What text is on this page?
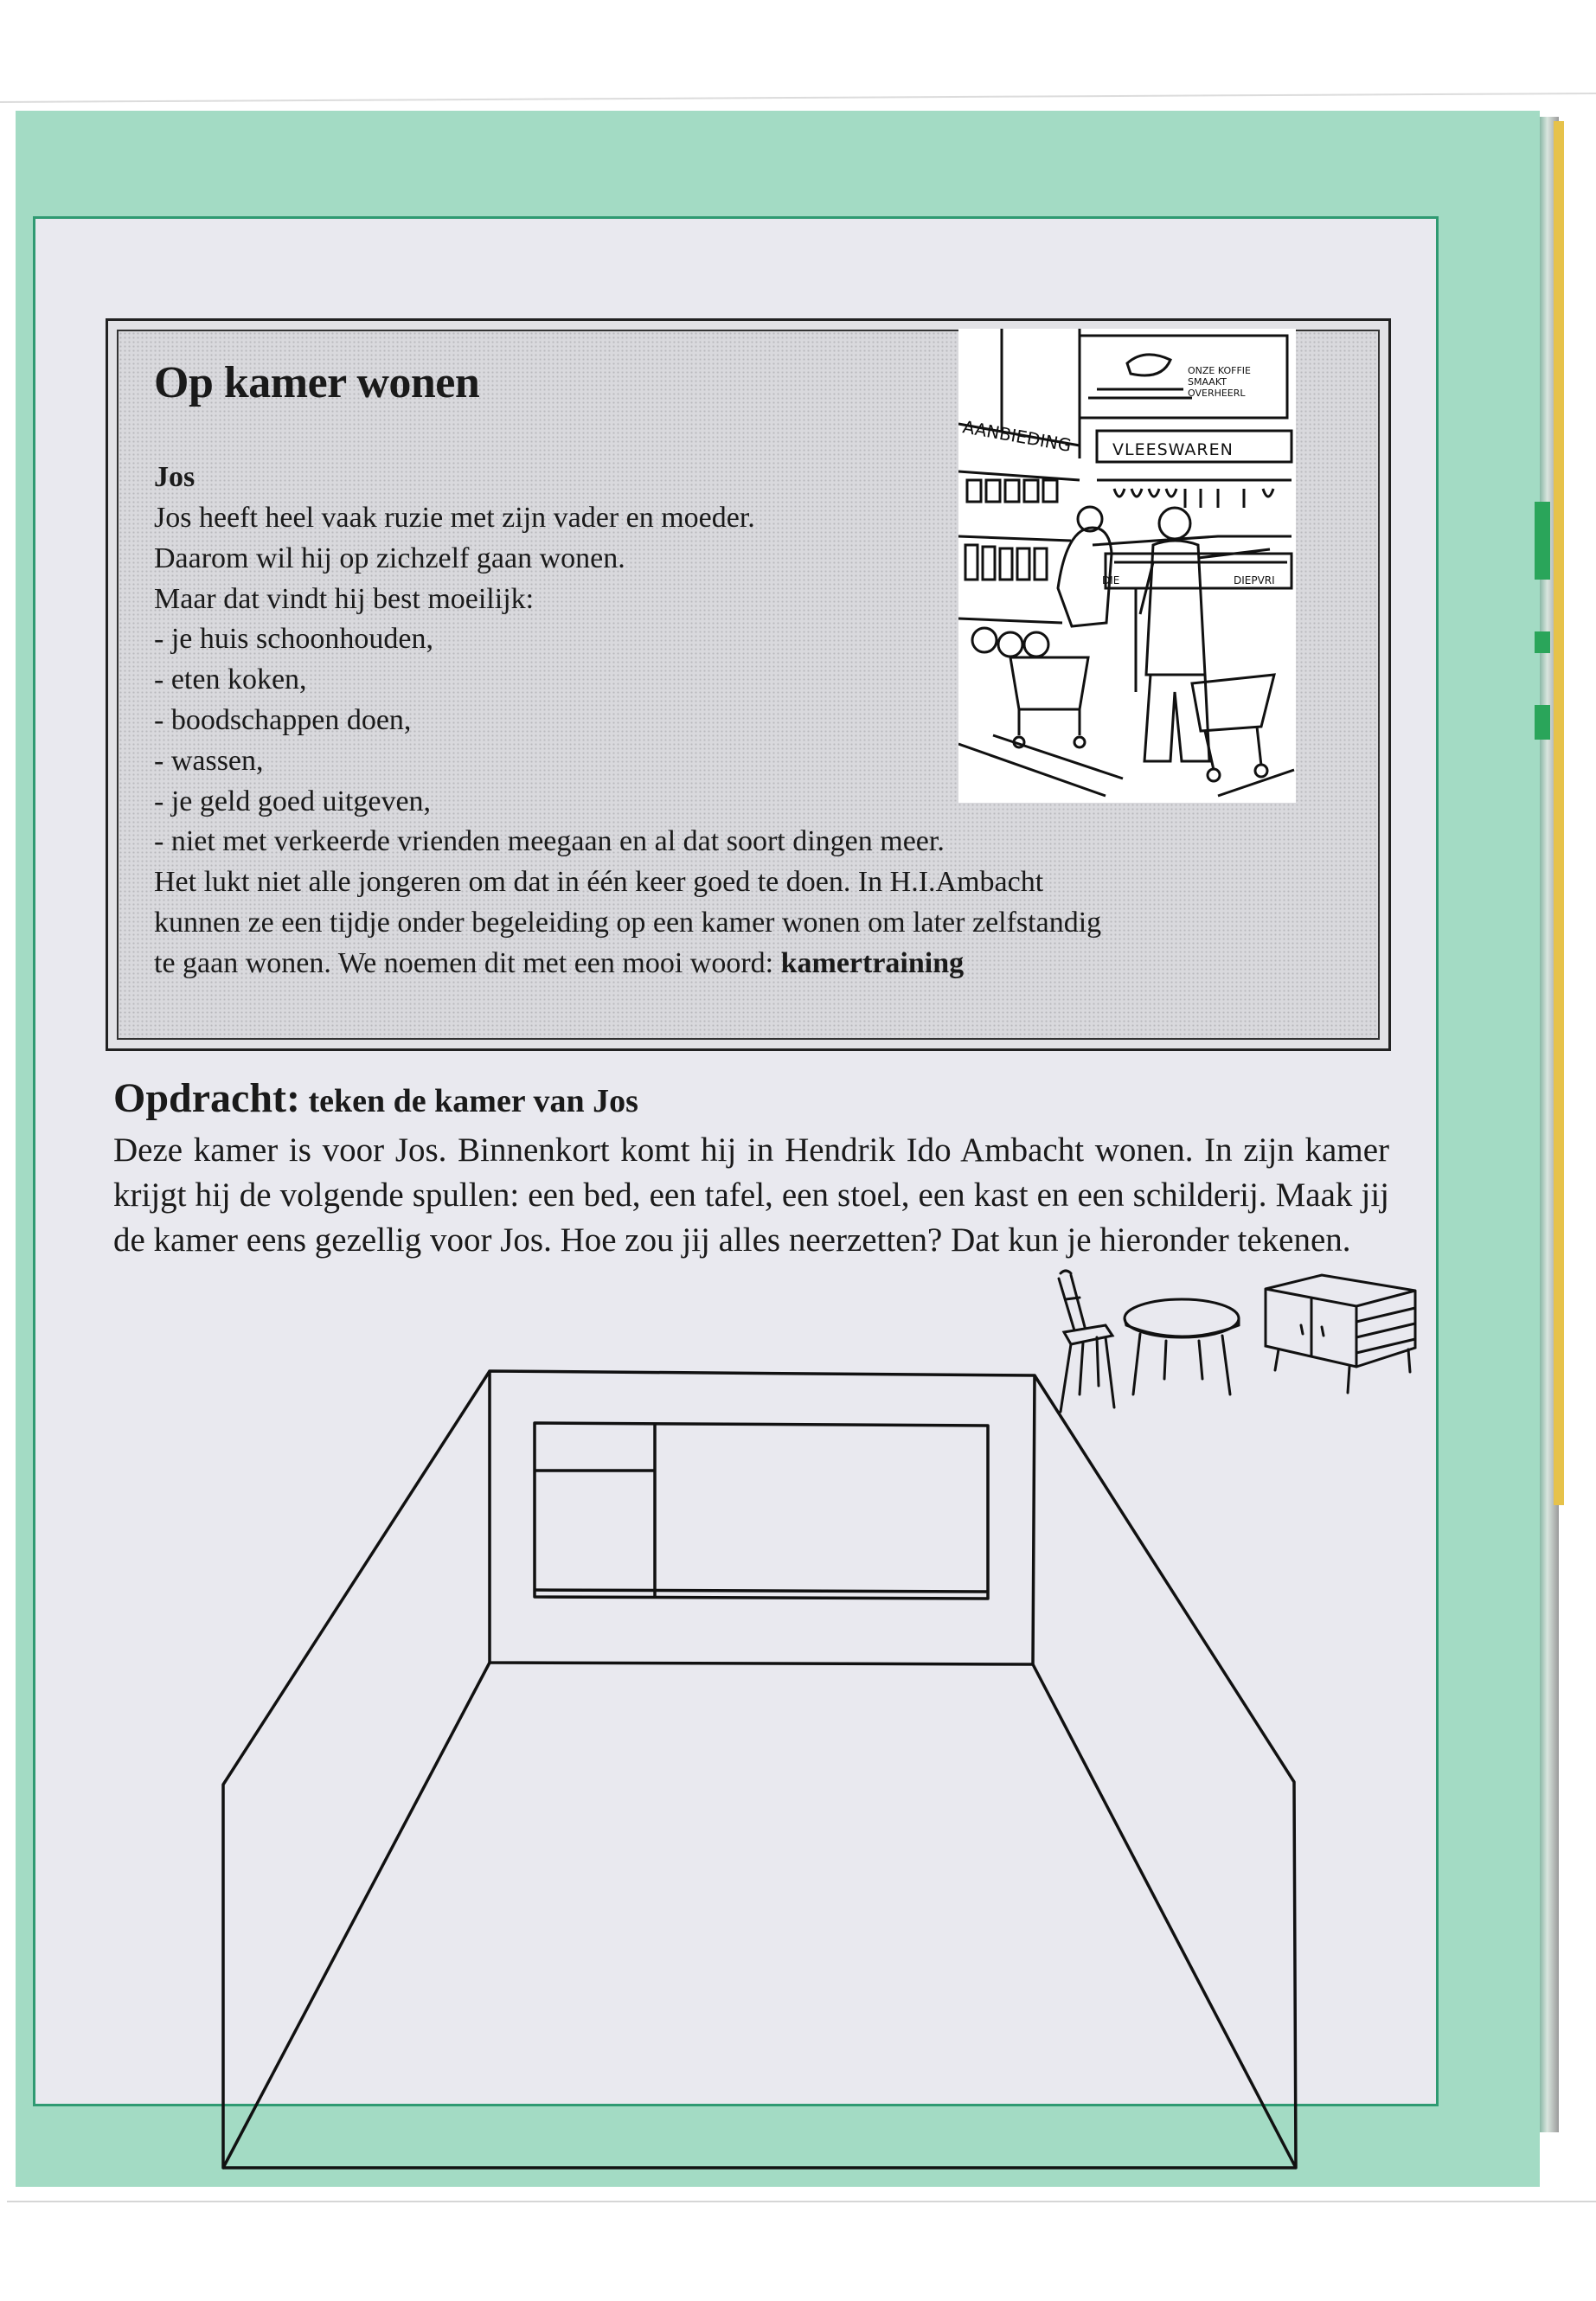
AANBIEDING
ONZE KOFFIE
SMAAKT
OVERHEERL
VLEESWAREN
DIE	DIEPVRI
Op kamer wonen
Jos

Jos heeft heel vaak ruzie met zijn vader en moeder.
Daarom wil hij op zichzelf gaan wonen.
Maar dat vindt hij best moeilijk:
- je huis schoonhouden,
- eten koken,
- boodschappen doen,
- wassen,
- je geld goed uitgeven,
- niet met verkeerde vrienden meegaan en al dat soort dingen meer.
Het lukt niet alle jongeren om dat in één keer goed te doen. In H.I.Ambacht
kunnen ze een tijdje onder begeleiding op een kamer wonen om later zelfstandig
te gaan wonen. We noemen dit met een mooi woord: kamertraining

Opdracht: teken de kamer van Jos

Deze kamer is voor Jos. Binnenkort komt hij in Hendrik Ido Ambacht wonen. In zijn kamer krijgt hij de volgende spullen: een bed, een tafel, een stoel, een kast en een schilderij. Maak jij de kamer eens gezellig voor Jos. Hoe zou jij alles neerzetten? Dat kun je hieronder tekenen.
